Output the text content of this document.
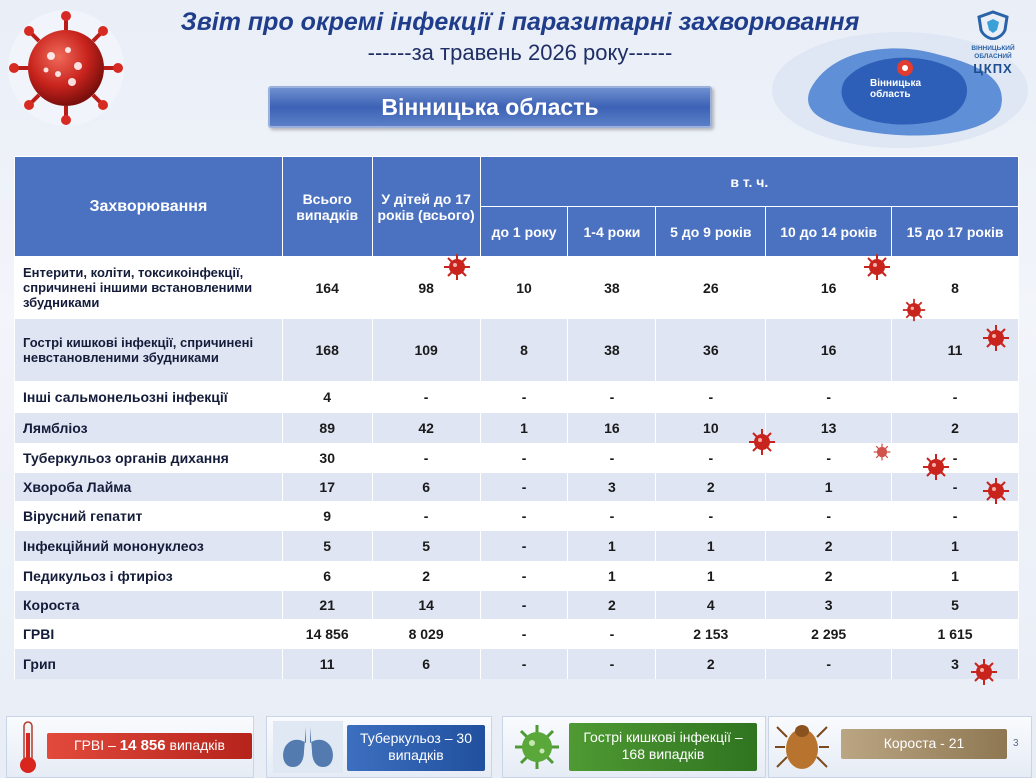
Вінницька область
ВІННИЦЬКИЙ
ОБЛАСНИЙ
ЦКПХ
Звіт про окремі інфекції і паразитарні захворювання
------за травень 2026 року------
Вінницька область
Захворювання	Всього випадків	У дітей до 17 років (всього)	в т. ч.				
			до 1 року	1-4 роки	5 до 9 років	10 до 14 років	15 до 17 років
Ентерити, коліти, токсикоінфекції, спричинені іншими встановленими збудниками	164	98	10	38	26	16	8
Гострі кишкові інфекції, спричинені невстановленими збудниками	168	109	8	38	36	16	11
Інші сальмонельозні інфекції	4	-	-	-	-	-	-
Лямбліоз	89	42	1	16	10	13	2
Туберкульоз органів дихання	30	-	-	-	-	-	-
Хвороба Лайма	17	6	-	3	2	1	-
Вірусний гепатит	9	-	-	-	-	-	-
Інфекційний мононуклеоз	5	5	-	1	1	2	1
Педикульоз і фтиріоз	6	2	-	1	1	2	1
Короста	21	14	-	2	4	3	5
ГРВІ	14 856	8 029	-	-	2 153	2 295	1 615
Грип	11	6	-	-	2	-	3
ГРВІ – 14 856 випадків	Туберкульоз – 30 випадків
Гострі кишкові інфекції – 168 випадків
Короста - 21	3
